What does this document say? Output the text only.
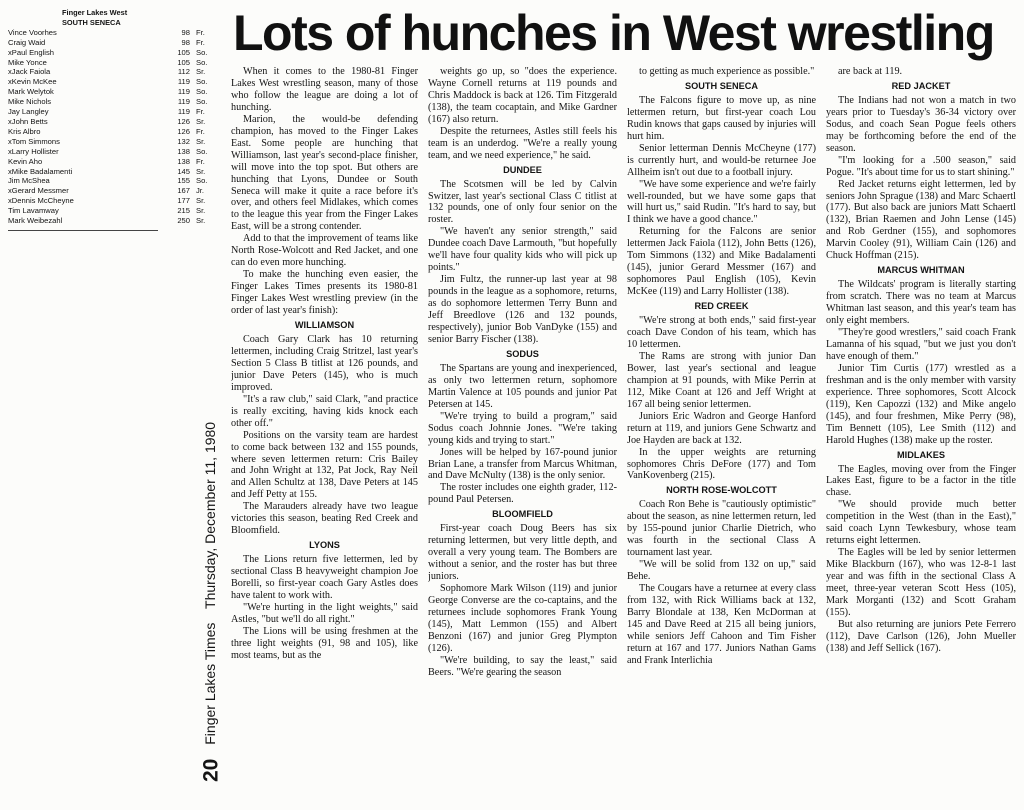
Finger Lakes West
SOUTH SENECA
Vince Voorhes	98 Fr.
Craig Waid	98 Fr.
xPaul English	105 So.
Mike Yonce	105 So.
xJack Faiola	112 Sr.
xKevin McKee	119 So.
Mark Welytok	119 So.
Mike Nichols	119 So.
Jay Langley	119 Fr.
xJohn Betts	126 Sr.
Kris Albro	126 Fr.
xTom Simmons	132 Sr.
xLarry Hollister	138 So.
Kevin Aho	138 Fr.
xMike Badalamenti	145 Sr.
Jim McShea	155 So.
xGerard Messmer	167 Jr.
xDennis McCheyne	177 Sr.
Tim Lavamway	215 Sr.
Mark Weibezahl	250 Sr.
Lots of hunches in West wrestling
20 Finger Lakes Times Thursday, December 11, 1980

When it comes to the 1980-81 Finger Lakes West wrestling season, many of those who follow the league are doing a lot of hunching.

Marion, the would-be defending champion, has moved to the Finger Lakes East. Some people are hunching that Williamson, last year's second-place finisher, will move into the top spot. But others are hunching that Lyons, Dundee or South Seneca will make it quite a race before it's over, and others feel Midlakes, which comes to the league this year from the Finger Lakes East, will be a strong contender.

Add to that the improvement of teams like North Rose-Wolcott and Red Jacket, and one can do even more hunching.

To make the hunching even easier, the Finger Lakes Times presents its 1980-81 Finger Lakes West wrestling preview (in the order of last year's finish):

WILLIAMSON

Coach Gary Clark has 10 returning lettermen, including Craig Stritzel, last year's Section 5 Class B titlist at 126 pounds, and junior Dave Peters (145), who is much improved.

"It's a raw club," said Clark, "and practice is really exciting, having kids knock each other off."

Positions on the varsity team are hardest to come back between 132 and 155 pounds, where seven lettermen return: Cris Bailey and John Wright at 132, Pat Jock, Ray Neil and Allen Schultz at 138, Dave Peters at 145 and Jeff Petty at 155.

The Marauders already have two league victories this season, beating Red Creek and Bloomfield.

LYONS

The Lions return five lettermen, led by sectional Class B heavyweight champion Joe Borelli, so first-year coach Gary Astles does have talent to work with.

"We're hurting in the light weights," said Astles, "but we'll do all right."

The Lions will be using freshmen at the three light weights (91, 98 and 105), like most teams, but as the

weights go up, so "does the experience. Wayne Cornell returns at 119 pounds and Chris Maddock is back at 126. Tim Fitzgerald (138), the team cocaptain, and Mike Gardner (167) also return.

Despite the returnees, Astles still feels his team is an underdog. "We're a really young team, and we need experience," he said.

DUNDEE

The Scotsmen will be led by Calvin Switzer, last year's sectional Class C titlist at 132 pounds, one of only four senior on the roster.

"We haven't any senior strength," said Dundee coach Dave Larmouth, "but hopefully we'll have four quality kids who will pick up points."

Jim Fultz, the runner-up last year at 98 pounds in the league as a sophomore, returns, as do sophomore lettermen Terry Bunn and Jeff Breedlove (126 and 132 pounds, respectively), junior Bob VanDyke (155) and senior Barry Fischer (138).

SODUS

The Spartans are young and inexperienced, as only two lettermen return, sophomore Martin Valence at 105 pounds and junior Pat Petersen at 145.

"We're trying to build a program," said Sodus coach Johnnie Jones. "We're taking young kids and trying to start."

Jones will be helped by 167-pound junior Brian Lane, a transfer from Marcus Whitman, and Dave McNulty (138) is the only senior.

The roster includes one eighth grader, 112-pound Paul Petersen.

BLOOMFIELD

First-year coach Doug Beers has six returning lettermen, but very little depth, and overall a very young team. The Bombers are without a senior, and the roster has but three juniors.

Sophomore Mark Wilson (119) and junior George Converse are the co-captains, and the returnees include sophomores Frank Young (145), Matt Lemmon (155) and Albert Benzoni (167) and junior Greg Plympton (126).

"We're building, to say the least," said Beers. "We're gearing the season

to getting as much experience as possible."

SOUTH SENECA

The Falcons figure to move up, as nine lettermen return, but first-year coach Lou Rudin knows that gaps caused by injuries will hurt him.

Senior letterman Dennis McCheyne (177) is currently hurt, and would-be returnee Joe Allheim isn't out due to a football injury.

"We have some experience and we're fairly well-rounded, but we have some gaps that will hurt us," said Rudin. "It's hard to say, but I think we have a good chance."

Returning for the Falcons are senior lettermen Jack Faiola (112), John Betts (126), Tom Simmons (132) and Mike Badalamenti (145), junior Gerard Messmer (167) and sophomores Paul English (105), Kevin McKee (119) and Larry Hollister (138).

RED CREEK

"We're strong at both ends," said first-year coach Dave Condon of his team, which has 10 lettermen.

The Rams are strong with junior Dan Bower, last year's sectional and league champion at 91 pounds, with Mike Perrin at 112, Mike Coant at 126 and Jeff Wright at 167 all being senior lettermen.

Juniors Eric Wadron and George Hanford return at 119, and juniors Gene Schwartz and Joe Hayden are back at 132.

In the upper weights are returning sophomores Chris DeFore (177) and Tom VanKovenberg (215).

NORTH ROSE-WOLCOTT

Coach Ron Behe is "cautiously optimistic" about the season, as nine lettermen return, led by 155-pound junior Charlie Dietrich, who was fourth in the sectional Class A tournament last year.

"We will be solid from 132 on up," said Behe.

The Cougars have a returnee at every class from 132, with Rick Williams back at 132, Barry Blondale at 138, Ken McDorman at 145 and Dave Reed at 215 all being juniors, while seniors Jeff Cahoon and Tim Fisher return at 167 and 177. Juniors Nathan Gams and Frank Interlichia

are back at 119.

RED JACKET

The Indians had not won a match in two years prior to Tuesday's 36-34 victory over Sodus, and coach Sean Pogue feels others may be forthcoming before the end of the season.

"I'm looking for a .500 season," said Pogue. "It's about time for us to start shining."

Red Jacket returns eight lettermen, led by seniors John Sprague (138) and Marc Schaertl (177). But also back are juniors Matt Schaertl (132), Brian Raemen and John Lense (145) and Rob Gerdner (155), and sophomores Marvin Cooley (91), William Cain (126) and Chuck Hoffman (215).

MARCUS WHITMAN

The Wildcats' program is literally starting from scratch. There was no team at Marcus Whitman last season, and this year's team has only eight members.

"They're good wrestlers," said coach Frank Lamanna of his squad, "but we just you don't have enough of them."

Junior Tim Curtis (177) wrestled as a freshman and is the only member with varsity experience. Three sophomores, Scott Alcock (119), Ken Capozzi (132) and Mike angelo (145), and four freshmen, Mike Perry (98), Tim Bennett (105), Lee Smith (112) and Harold Hughes (138) make up the roster.

MIDLAKES

The Eagles, moving over from the Finger Lakes East, figure to be a factor in the title chase.

"We should provide much better competition in the West (than in the East)," said coach Lynn Tewkesbury, whose team returns eight lettermen.

The Eagles will be led by senior lettermen Mike Blackburn (167), who was 12-8-1 last year and was fifth in the sectional Class A meet, three-year veteran Scott Hess (105), Mark Morganti (132) and Scott Graham (155).

But also returning are juniors Pete Ferrero (112), Dave Carlson (126), John Mueller (138) and Jeff Sellick (167).
